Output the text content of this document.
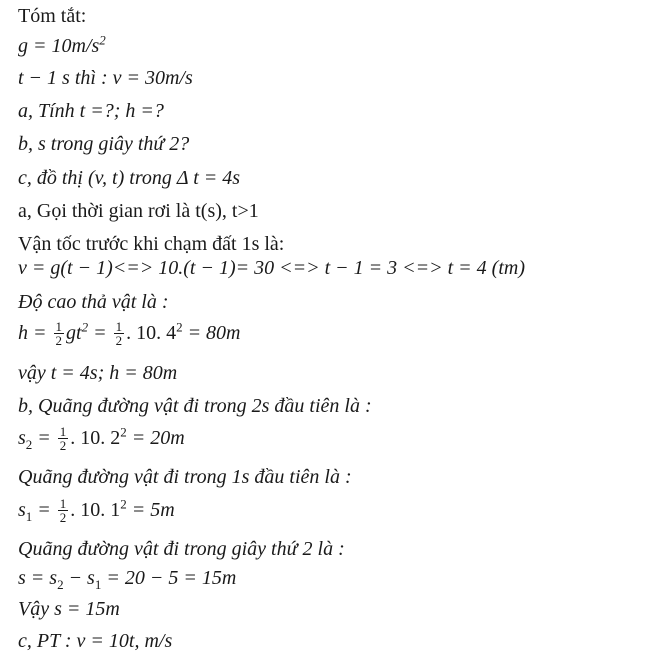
Tóm tắt:
$g = 10m/s^2$
t − 1 s thì : v = 30m/s
a, Tính t =?; h =?
b, s trong giây thứ 2?
c, đồ thị (v, t) trong Δ t = 4s
a, Gọi thời gian rơi là t(s), t>1
Vận tốc trước khi chạm đất 1s là:
v = g(t − 1)<=> 10.(t − 1)= 30 <=> t − 1 = 3 <=> t = 4 (tm)
Độ cao thả vật là :
$h = \frac{1}{2} gt^2 = \frac{1}{2}$ . 10. $4^2 = 80m$
vậy t = 4s; h = 80m
b, Quãng đường vật đi trong 2s đầu tiên là :
$s_2 = \frac{1}{2}$ . 10. $2^2 = 20m$
Quãng đường vật đi trong 1s đầu tiên là :
$s_1 = \frac{1}{2}$ . 10. $1^2 = 5m$
Quãng đường vật đi trong giây thứ 2 là :
$s = s_2 - s_1 = 20 - 5 = 15m$
Vậy s = 15m
c, PT : v = 10t, m/s
